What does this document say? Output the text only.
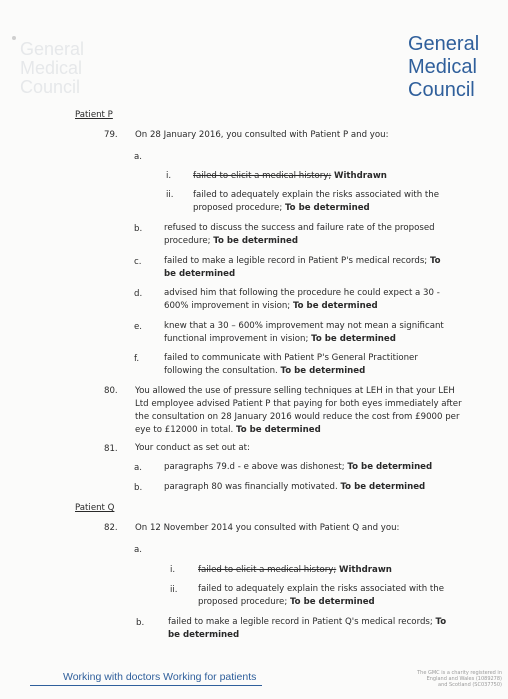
General
Medical
Council
General
Medical
Council
Patient P
79. On 28 January 2016, you consulted with Patient P and you:
a.
i.	failed to elicit a medical history; Withdrawn
ii. failed to adequately explain the risks associated with the proposed procedure; To be determined
b.	refused to discuss the success and failure rate of the proposed procedure; To be determined
c.	failed to make a legible record in Patient P's medical records; To be determined
d.	advised him that following the procedure he could expect a 30 - 600% improvement in vision; To be determined
e.	knew that a 30 – 600% improvement may not mean a significant functional improvement in vision; To be determined
f.	failed to communicate with Patient P's General Practitioner following the consultation. To be determined
80. You allowed the use of pressure selling techniques at LEH in that your LEH Ltd employee advised Patient P that paying for both eyes immediately after the consultation on 28 January 2016 would reduce the cost from £9000 per eye to £12000 in total. To be determined
81. Your conduct as set out at:
a.	paragraphs 79.d - e above was dishonest; To be determined
b.	paragraph 80 was financially motivated. To be determined
Patient Q
82. On 12 November 2014 you consulted with Patient Q and you:
a.
i.	failed to elicit a medical history; Withdrawn
ii. failed to adequately explain the risks associated with the proposed procedure; To be determined
b.	failed to make a legible record in Patient Q's medical records; To be determined
Working with doctors Working for patients	The GMC is a charity registered in
England and Wales (1089278)
and Scotland (SC037750)
